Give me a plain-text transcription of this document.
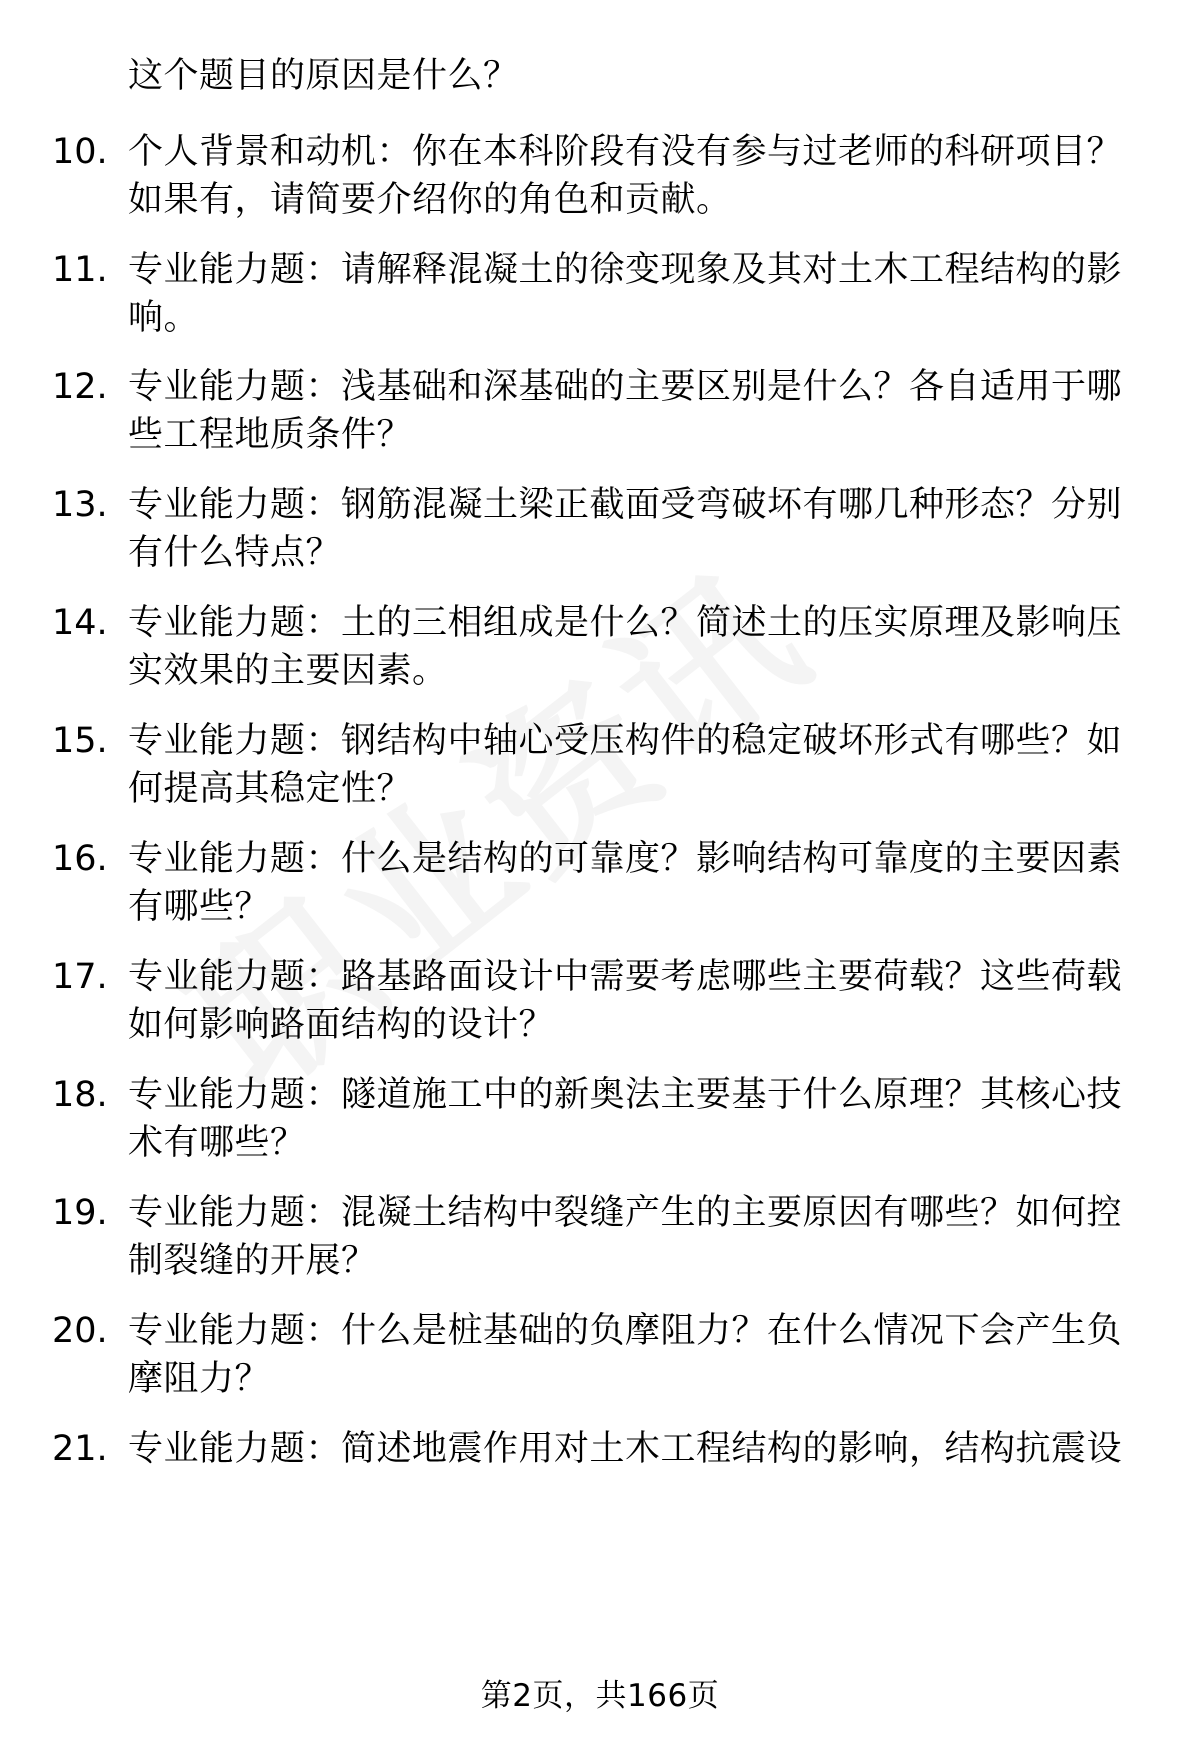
这个题目的原因是什么？
10. 个人背景和动机：你在本科阶段有没有参与过老师的科研项目？如果有，请简要介绍你的角色和贡献。
11. 专业能力题：请解释混凝土的徐变现象及其对土木工程结构的影响。
12. 专业能力题：浅基础和深基础的主要区别是什么？各自适用于哪些工程地质条件？
13. 专业能力题：钢筋混凝土梁正截面受弯破坏有哪几种形态？分别有什么特点？
14. 专业能力题：土的三相组成是什么？简述土的压实原理及影响压实效果的主要因素。
15. 专业能力题：钢结构中轴心受压构件的稳定破坏形式有哪些？如何提高其稳定性？
16. 专业能力题：什么是结构的可靠度？影响结构可靠度的主要因素有哪些？
17. 专业能力题：路基路面设计中需要考虑哪些主要荷载？这些荷载如何影响路面结构的设计？
18. 专业能力题：隧道施工中的新奥法主要基于什么原理？其核心技术有哪些？
19. 专业能力题：混凝土结构中裂缝产生的主要原因有哪些？如何控制裂缝的开展？
20. 专业能力题：什么是桩基础的负摩阻力？在什么情况下会产生负摩阻力？
21. 专业能力题：简述地震作用对土木工程结构的影响，结构抗震设
第2页，共166页
